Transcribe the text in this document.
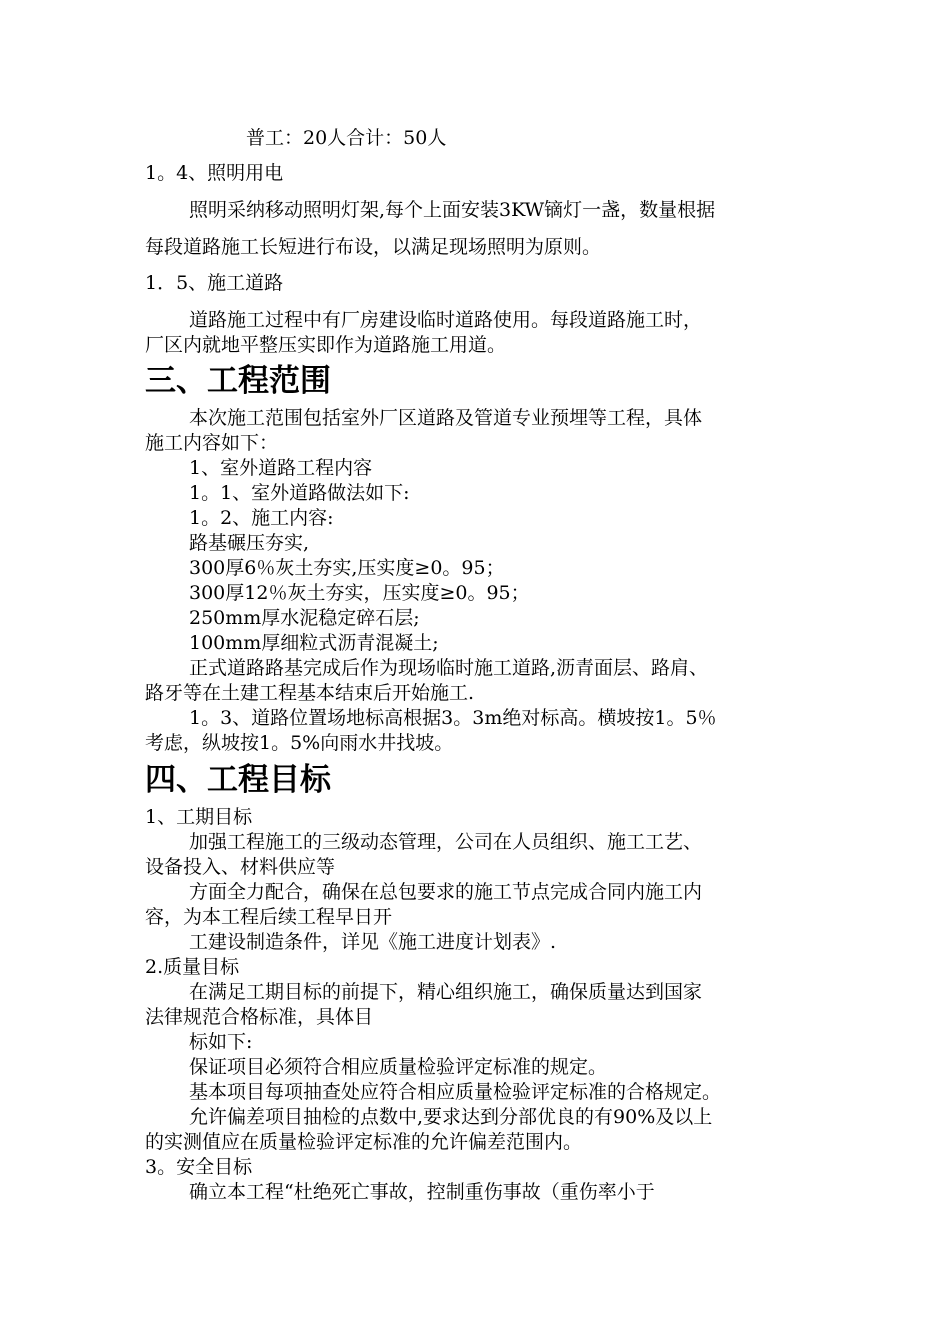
普工：20人合计：50人

1。4、照明用电

照明采纳移动照明灯架,每个上面安装3KW镝灯一盏，数量根据

每段道路施工长短进行布设，以满足现场照明为原则。

1．5、施工道路

道路施工过程中有厂房建设临时道路使用。每段道路施工时，

厂区内就地平整压实即作为道路施工用道。

三、工程范围

本次施工范围包括室外厂区道路及管道专业预埋等工程，具体

施工内容如下：

1、室外道路工程内容

1。1、室外道路做法如下:

1。2、施工内容:

路基碾压夯实,

300厚6％灰土夯实,压实度≥0。95；

300厚12％灰土夯实，压实度≥0。95；

250mm厚水泥稳定碎石层;

100mm厚细粒式沥青混凝土;

正式道路路基完成后作为现场临时施工道路,沥青面层、路肩、

路牙等在土建工程基本结束后开始施工.

1。3、道路位置场地标高根据3。3m绝对标高。横坡按1。5％

考虑，纵坡按1。5%向雨水井找坡。

四、工程目标

1、工期目标

加强工程施工的三级动态管理，公司在人员组织、施工工艺、

设备投入、材料供应等

方面全力配合，确保在总包要求的施工节点完成合同内施工内

容，为本工程后续工程早日开

工建设制造条件，详见《施工进度计划表》.

2.质量目标

在满足工期目标的前提下，精心组织施工，确保质量达到国家

法律规范合格标准，具体目

标如下:

保证项目必须符合相应质量检验评定标准的规定。

基本项目每项抽查处应符合相应质量检验评定标准的合格规定。

允许偏差项目抽检的点数中,要求达到分部优良的有90%及以上

的实测值应在质量检验评定标准的允许偏差范围内。

3。安全目标

确立本工程“杜绝死亡事故，控制重伤事故（重伤率小于
